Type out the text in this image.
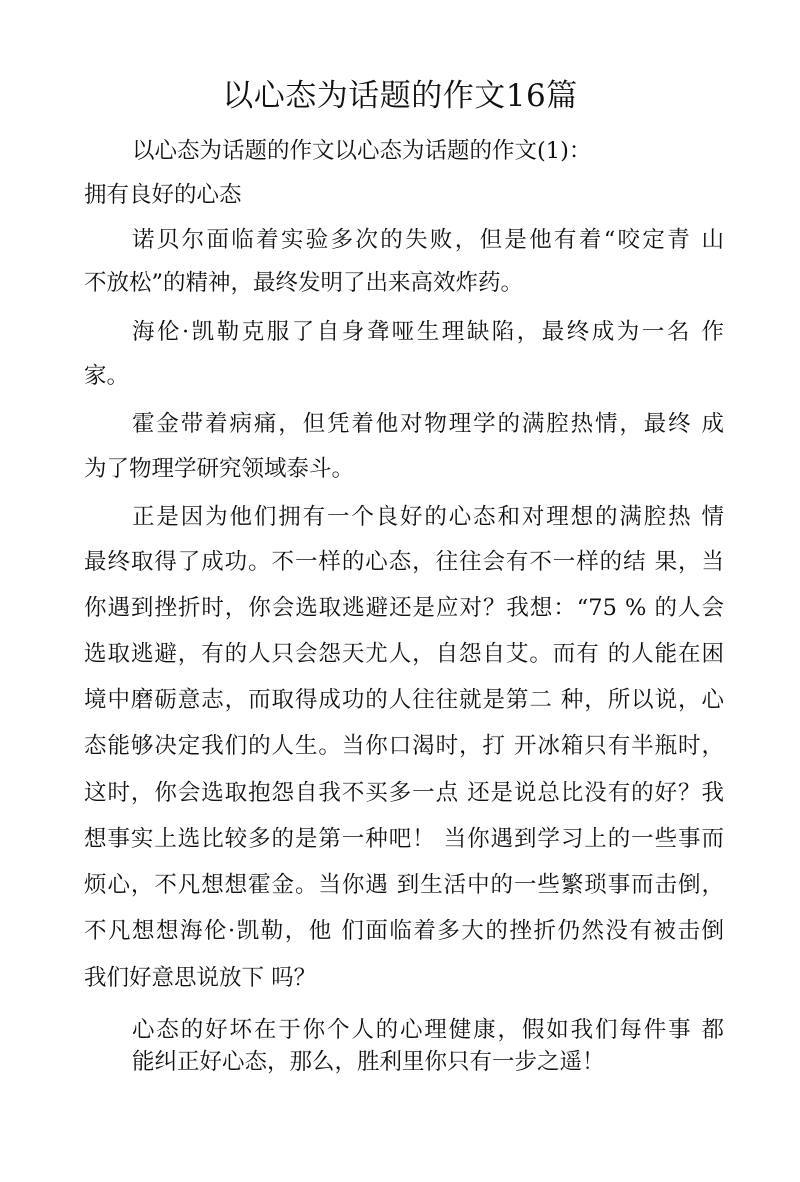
以心态为话题的作文16篇
以心态为话题的作文以心态为话题的作文(1)：
拥有良好的心态
诺贝尔面临着实验多次的失败，但是他有着“咬定青 山
不放松”的精神，最终发明了出来高效炸药。
海伦·凯勒克服了自身聋哑生理缺陷，最终成为一名 作
家。
霍金带着病痛，但凭着他对物理学的满腔热情，最终 成
为了物理学研究领域泰斗。
正是因为他们拥有一个良好的心态和对理想的满腔热 情
最终取得了成功。不一样的心态，往往会有不一样的结 果，当
你遇到挫折时，你会选取逃避还是应对？我想：“75 % 的人会
选取逃避，有的人只会怨天尤人，自怨自艾。而有 的人能在困
境中磨砺意志，而取得成功的人往往就是第二 种，所以说，心
态能够决定我们的人生。当你口渴时，打 开冰箱只有半瓶时，
这时，你会选取抱怨自我不买多一点 还是说总比没有的好？我
想事实上选比较多的是第一种吧！ 当你遇到学习上的一些事而
烦心，不凡想想霍金。当你遇 到生活中的一些繁琐事而击倒，
不凡想想海伦·凯勒，他 们面临着多大的挫折仍然没有被击倒
我们好意思说放下 吗？
心态的好坏在于你个人的心理健康，假如我们每件事 都
能纠正好心态，那么，胜利里你只有一步之遥！
